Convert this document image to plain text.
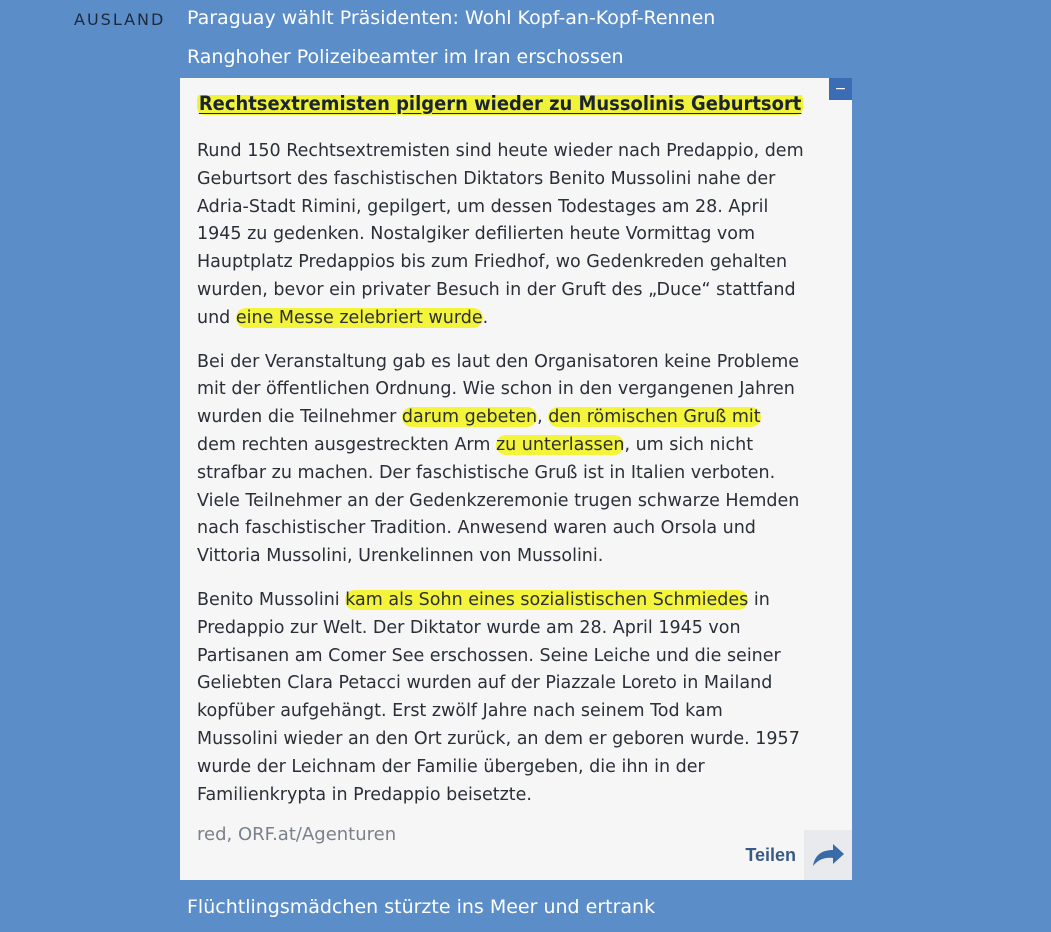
AUSLAND Paraguay wählt Präsidenten: Wohl Kopf-an-Kopf-Rennen
Ranghoher Polizeibeamter im Iran erschossen
−
Rechtsextremisten pilgern wieder zu Mussolinis Geburtsort

Rund 150 Rechtsextremisten sind heute wieder nach Predappio, dem
Geburtsort des faschistischen Diktators Benito Mussolini nahe der
Adria-Stadt Rimini, gepilgert, um dessen Todestages am 28. April
1945 zu gedenken. Nostalgiker defilierten heute Vormittag vom
Hauptplatz Predappios bis zum Friedhof, wo Gedenkreden gehalten
wurden, bevor ein privater Besuch in der Gruft des „Duce“ stattfand
und eine Messe zelebriert wurde.

Bei der Veranstaltung gab es laut den Organisatoren keine Probleme
mit der öffentlichen Ordnung. Wie schon in den vergangenen Jahren
wurden die Teilnehmer darum gebeten, den römischen Gruß mit
dem rechten ausgestreckten Arm zu unterlassen, um sich nicht
strafbar zu machen. Der faschistische Gruß ist in Italien verboten.
Viele Teilnehmer an der Gedenkzeremonie trugen schwarze Hemden
nach faschistischer Tradition. Anwesend waren auch Orsola und
Vittoria Mussolini, Urenkelinnen von Mussolini.

Benito Mussolini kam als Sohn eines sozialistischen Schmiedes in
Predappio zur Welt. Der Diktator wurde am 28. April 1945 von
Partisanen am Comer See erschossen. Seine Leiche und die seiner
Geliebten Clara Petacci wurden auf der Piazzale Loreto in Mailand
kopfüber aufgehängt. Erst zwölf Jahre nach seinem Tod kam
Mussolini wieder an den Ort zurück, an dem er geboren wurde. 1957
wurde der Leichnam der Familie übergeben, die ihn in der
Familienkrypta in Predappio beisetzte.

red, ORF.at/Agenturen
Teilen
Flüchtlingsmädchen stürzte ins Meer und ertrank
